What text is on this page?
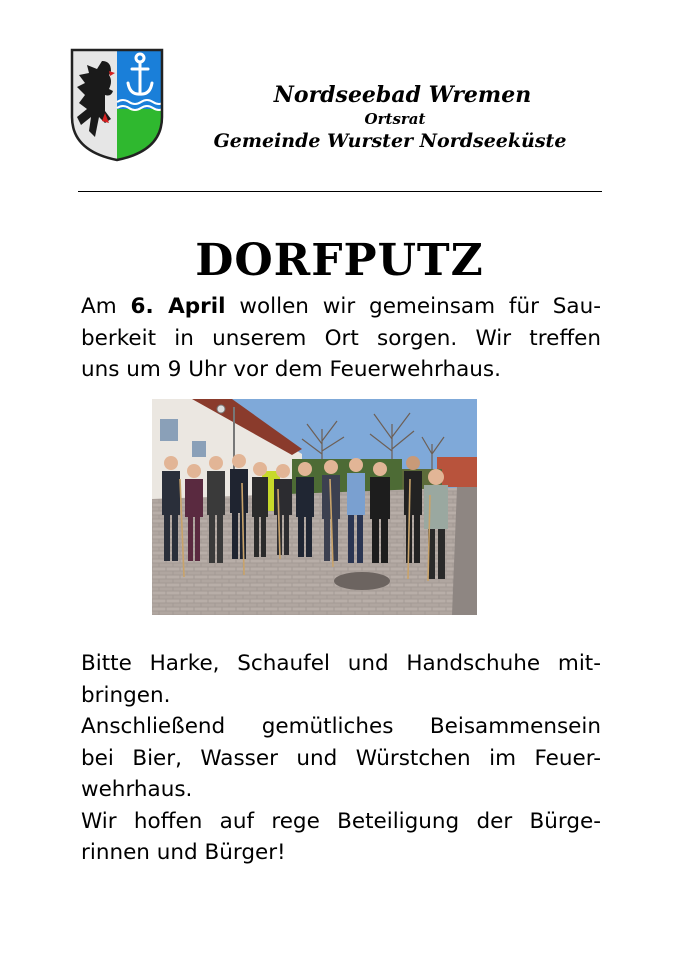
Nordseebad Wremen
Ortsrat
Gemeinde Wurster Nordseeküste
DORFPUTZ
Am 6. April wollen wir gemeinsam für Sau-
berkeit in unserem Ort sorgen. Wir treffen
uns um 9 Uhr vor dem Feuerwehrhaus.
Bitte Harke, Schaufel und Handschuhe mit-
bringen.
Anschließend gemütliches Beisammensein
bei Bier, Wasser und Würstchen im Feuer-
wehrhaus.
Wir hoffen auf rege Beteiligung der Bürge-
rinnen und Bürger!
